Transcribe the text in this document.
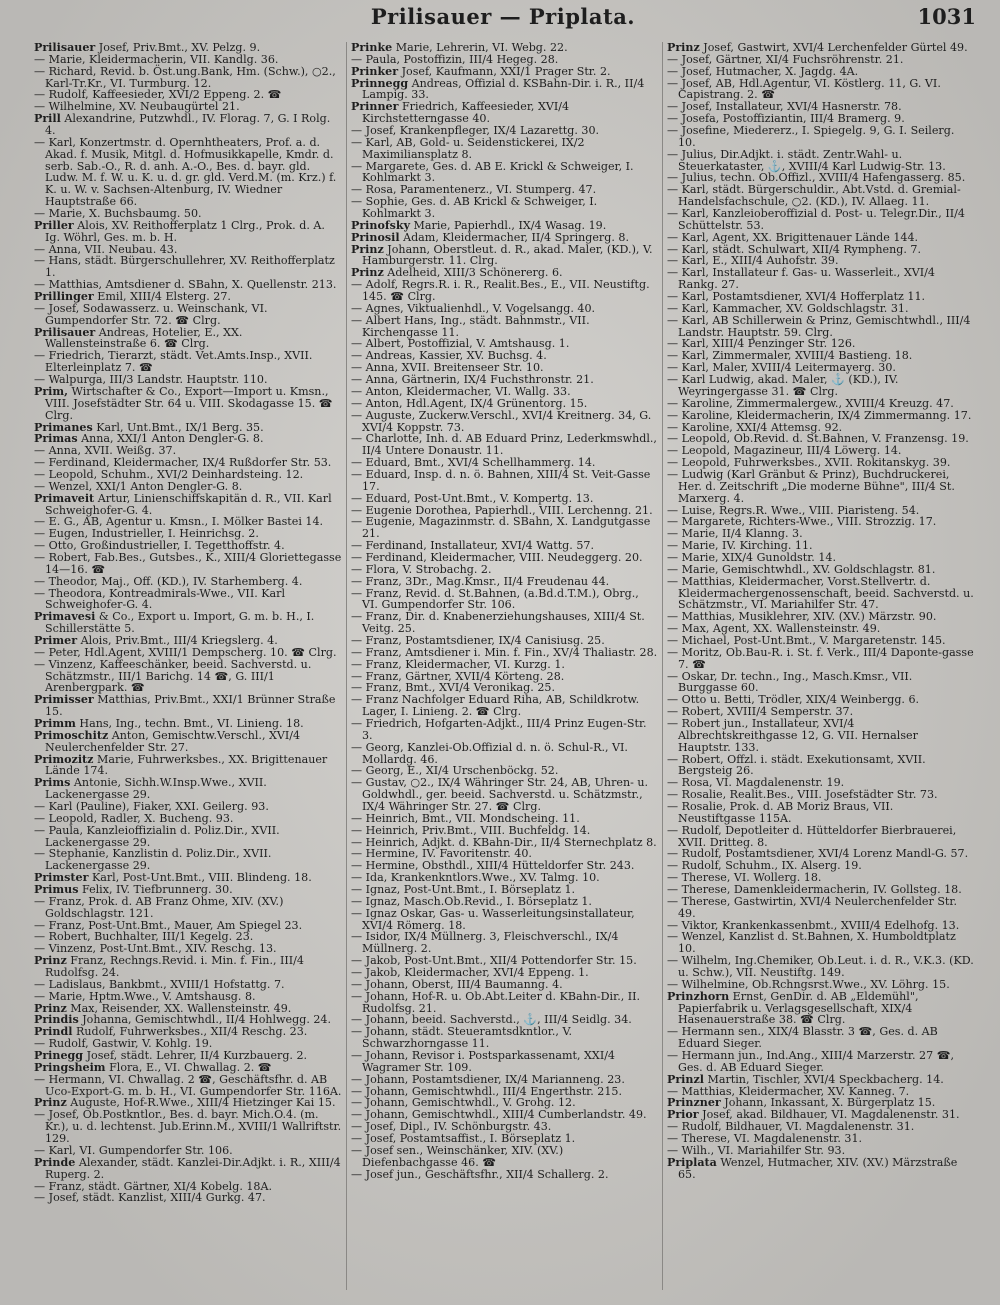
Prilisauer — Priplata.	1031
Prilisauer Josef, Priv.Bmt., XV. Pelzg. 9.
— Marie, Kleidermacherin, VII. Kandlg. 36.
— Richard, Revid. b. Öst.ung.Bank, Hm. (Schw.), ○2., Karl-Tr.Kr., VI. Turmburg. 12.
— Rudolf, Kaffeesieder, XVI/2 Eppeng. 2. ☎
— Wilhelmine, XV. Neubaugürtel 21.
Prill Alexandrine, Putzwhdl., IV. Florag. 7, G. I Rolg. 4.
— Karl, Konzertmstr. d. Opernhtheaters, Prof. a. d. Akad. f. Musik, Mitgl. d. Hofmusikkapelle, Kmdr. d. serb. Sab.-O., R. d. anh. A.-O., Bes. d. bayr. gld. Ludw. M. f. W. u. K. u. d. gr. gld. Verd.M. (m. Krz.) f. K. u. W. v. Sachsen-Altenburg, IV. Wiedner Hauptstraße 66.
— Marie, X. Buchsbaumg. 50.
Priller Alois, XV. Reithofferplatz 1 Clrg., Prok. d. A. Ig. Wöhrl, Ges. m. b. H.
— Anna, VII. Neubau. 43.
— Hans, städt. Bürgerschullehrer, XV. Reithofferplatz 1.
— Matthias, Amtsdiener d. SBahn, X. Quellenstr. 213.
Prillinger Emil, XIII/4 Elsterg. 27.
— Josef, Sodawasserz. u. Weinschank, VI. Gumpendorfer Str. 72. ☎ Clrg.
Prilisauer Andreas, Hotelier, E., XX. Wallensteinstraße 6. ☎ Clrg.
— Friedrich, Tierarzt, städt. Vet.Amts.Insp., XVII. Elterleinplatz 7. ☎
— Walpurga, III/3 Landstr. Hauptstr. 110.
Prim, Wirtschafter & Co., Export—Import u. Kmsn., VIII. Josefstädter Str. 64 u. VIII. Skodagasse 15. ☎ Clrg.
Primanes Karl, Unt.Bmt., IX/1 Berg. 35.
Primas Anna, XXI/1 Anton Dengler-G. 8.
— Anna, XVII. Weißg. 37.
— Ferdinand, Kleidermacher, IX/4 Rußdorfer Str. 53.
— Leopold, Schuhm., XVI/2 Deinhardsteing. 12.
— Wenzel, XXI/1 Anton Dengler-G. 8.
Primaveit Artur, Linienschiffskapitän d. R., VII. Karl Schweighofer-G. 4.
— E. G., AB, Agentur u. Kmsn., I. Mölker Bastei 14.
— Eugen, Industrieller, I. Heinrichsg. 2.
— Otto, Großindustrieller, I. Tegetthoffstr. 4.
— Robert, Fab.Bes., Gutsbes., K., XIII/4 Gloriettegasse 14—16. ☎
— Theodor, Maj., Off. (KD.), IV. Starhemberg. 4.
— Theodora, Kontreadmirals-Wwe., VII. Karl Schweighofer-G. 4.
Primavesi & Co., Export u. Import, G. m. b. H., I. Schillerstätte 5.
Primer Alois, Priv.Bmt., III/4 Kriegslerg. 4.
— Peter, Hdl.Agent, XVIII/1 Dempscherg. 10. ☎ Clrg.
— Vinzenz, Kaffeeschänker, beeid. Sachverstd. u. Schätzmstr., III/1 Barichg. 14 ☎, G. III/1 Arenbergpark. ☎
Primisser Matthias, Priv.Bmt., XXI/1 Brünner Straße 15.
Primm Hans, Ing., techn. Bmt., VI. Linieng. 18.
Primoschitz Anton, Gemischtw.Verschl., XVI/4 Neulerchenfelder Str. 27.
Primozitz Marie, Fuhrwerksbes., XX. Brigittenauer Lände 174.
Prims Antonie, Sichh.W.Insp.Wwe., XVII. Lackenergasse 29.
— Karl (Pauline), Fiaker, XXI. Geilerg. 93.
— Leopold, Radler, X. Bucheng. 93.
— Paula, Kanzleioffizialin d. Poliz.Dir., XVII. Lackenergasse 29.
— Stephanie, Kanzlistin d. Poliz.Dir., XVII. Lackenergasse 29.
Primster Karl, Post-Unt.Bmt., VIII. Blindeng. 18.
Primus Felix, IV. Tiefbrunnerg. 30.
— Franz, Prok. d. AB Franz Ohme, XIV. (XV.) Goldschlagstr. 121.
— Franz, Post-Unt.Bmt., Mauer, Am Spiegel 23.
— Robert, Buchhalter, III/1 Kegelg. 23.
— Vinzenz, Post-Unt.Bmt., XIV. Reschg. 13.
Prinz Franz, Rechngs.Revid. i. Min. f. Fin., III/4 Rudolfsg. 24.
— Ladislaus, Bankbmt., XVIII/1 Hofstattg. 7.
— Marie, Hptm.Wwe., V. Amtshausg. 8.
Prinz Max, Reisender, XX. Wallensteinstr. 49.
Prindis Johanna, Gemischtwhdl., II/4 Hohlwegg. 24.
Prindl Rudolf, Fuhrwerksbes., XII/4 Reschg. 23.
— Rudolf, Gastwir, V. Kohlg. 19.
Prinegg Josef, städt. Lehrer, II/4 Kurzbauerg. 2.
Pringsheim Flora, E., VI. Chwallag. 2. ☎
— Hermann, VI. Chwallag. 2 ☎, Geschäftsfhr. d. AB Uco-Export-G. m. b. H., VI. Gumpendorfer Str. 116A.
Prinz Auguste, Hof-R.Wwe., XIII/4 Hietzinger Kai 15.
— Josef, Ob.Postkntlor., Bes. d. bayr. Mich.O.4. (m. Kr.), u. d. lechtenst. Jub.Erinn.M., XVIII/1 Wallriftstr. 129.
— Karl, VI. Gumpendorfer Str. 106.
Prinde Alexander, städt. Kanzlei-Dir.Adjkt. i. R., XIII/4 Ruperg. 2.
— Franz, städt. Gärtner, XI/4 Kobelg. 18A.
— Josef, städt. Kanzlist, XIII/4 Gurkg. 47.
Prinke Marie, Lehrerin, VI. Webg. 22.
— Paula, Postoffizin, III/4 Hegeg. 28.
Prinker Josef, Kaufmann, XXI/1 Prager Str. 2.
Prinnegg Andreas, Offizial d. KSBahn-Dir. i. R., II/4 Lampig. 33.
Prinner Friedrich, Kaffeesieder, XVI/4 Kirchstetterngasse 40.
— Josef, Krankenpfleger, IX/4 Lazarettg. 30.
— Karl, AB, Gold- u. Seidenstickerei, IX/2 Maximiliansplatz 8.
— Margarete, Ges. d. AB E. Krickl & Schweiger, I. Kohlmarkt 3.
— Rosa, Paramentenerz., VI. Stumperg. 47.
— Sophie, Ges. d. AB Krickl & Schweiger, I. Kohlmarkt 3.
Prinofsky Marie, Papierhdl., IX/4 Wasag. 19.
Prinosil Adam, Kleidermacher, II/4 Springerg. 8.
Prinz Johann, Oberstleut. d. R., akad. Maler, (KD.), V. Hamburgerstr. 11. Clrg.
Prinz Adelheid, XIII/3 Schönererg. 6.
— Adolf, Regrs.R. i. R., Realit.Bes., E., VII. Neustiftg. 145. ☎ Clrg.
— Agnes, Viktualienhdl., V. Vogelsangg. 40.
— Albert Hans, Ing., städt. Bahnmstr., VII. Kirchengasse 11.
— Albert, Postoffizial, V. Amtshausg. 1.
— Andreas, Kassier, XV. Buchsg. 4.
— Anna, XVII. Breitenseer Str. 10.
— Anna, Gärtnerin, IX/4 Fuchsthronstr. 21.
— Anton, Kleidermacher, VI. Wallg. 33.
— Anton, Hdl.Agent, IX/4 Grünentorg. 15.
— Auguste, Zuckerw.Verschl., XVI/4 Kreitnerg. 34, G. XVI/4 Koppstr. 73.
— Charlotte, Inh. d. AB Eduard Prinz, Lederkmswhdl., II/4 Untere Donaustr. 11.
— Eduard, Bmt., XVI/4 Schellhammerg. 14.
— Eduard, Insp. d. n. ö. Bahnen, XIII/4 St. Veit-Gasse 17.
— Eduard, Post-Unt.Bmt., V. Kompertg. 13.
— Eugenie Dorothea, Papierhdl., VIII. Lerchenng. 21.
— Eugenie, Magazinmstr. d. SBahn, X. Landgutgasse 21.
— Ferdinand, Installateur, XVI/4 Wattg. 57.
— Ferdinand, Kleidermacher, VIII. Neudeggerg. 20.
— Flora, V. Strobachg. 2.
— Franz, 3Dr., Mag.Kmsr., II/4 Freudenau 44.
— Franz, Revid. d. St.Bahnen, (a.Bd.d.T.M.), Obrg., VI. Gumpendorfer Str. 106.
— Franz, Dir. d. Knabenerziehungshauses, XIII/4 St. Veitg. 25.
— Franz, Postamtsdiener, IX/4 Canisiusg. 25.
— Franz, Amtsdiener i. Min. f. Fin., XV/4 Thaliastr. 28.
— Franz, Kleidermacher, VI. Kurzg. 1.
— Franz, Gärtner, XVII/4 Körteng. 28.
— Franz, Bmt., XVI/4 Veronikag. 25.
— Franz Nachfolger Eduard Riha, AB, Schildkrotw. Lager, I. Linieng. 2. ☎ Clrg.
— Friedrich, Hofgarten-Adjkt., III/4 Prinz Eugen-Str. 3.
— Georg, Kanzlei-Ob.Offizial d. n. ö. Schul-R., VI. Mollardg. 46.
— Georg, E., XI/4 Urschenböckg. 52.
— Gustav, ○2., IX/4 Währinger Str. 24, AB, Uhren- u. Goldwhdl., ger. beeid. Sachverstd. u. Schätzmstr., IX/4 Währinger Str. 27. ☎ Clrg.
— Heinrich, Bmt., VII. Mondscheing. 11.
— Heinrich, Priv.Bmt., VIII. Buchfeldg. 14.
— Heinrich, Adjkt. d. KBahn-Dir., II/4 Sternechplatz 8.
— Hermine, IV. Favoritenstr. 40.
— Hermine, Obsthdl., XIII/4 Hütteldorfer Str. 243.
— Ida, Krankenkntlors.Wwe., XV. Talmg. 10.
— Ignaz, Post-Unt.Bmt., I. Börseplatz 1.
— Ignaz, Masch.Ob.Revid., I. Börseplatz 1.
— Ignaz Oskar, Gas- u. Wasserleitungsinstallateur, XVI/4 Römerg. 18.
— Isidor, IX/4 Müllnerg. 3, Fleischverschl., IX/4 Müllnerg. 2.
— Jakob, Post-Unt.Bmt., XII/4 Pottendorfer Str. 15.
— Jakob, Kleidermacher, XVI/4 Eppeng. 1.
— Johann, Oberst, III/4 Baumanng. 4.
— Johann, Hof-R. u. Ob.Abt.Leiter d. KBahn-Dir., II. Rudolfsg. 21.
— Johann, beeid. Sachverstd., ⚓, III/4 Seidlg. 34.
— Johann, städt. Steueramtsdkntlor., V. Schwarzhorngasse 11.
— Johann, Revisor i. Postsparkassenamt, XXI/4 Wagramer Str. 109.
— Johann, Postamtsdiener, IX/4 Marianneng. 23.
— Johann, Gemischtwhdl., III/4 Engerthstr. 215.
— Johann, Gemischtwhdl., V. Grohg. 12.
— Johann, Gemischtwhdl., XIII/4 Cumberlandstr. 49.
— Josef, Dipl., IV. Schönburgstr. 43.
— Josef, Postamtsaffist., I. Börseplatz 1.
— Josef sen., Weinschänker, XIV. (XV.) Diefenbachgasse 46. ☎
— Josef jun., Geschäftsfhr., XII/4 Schallerg. 2.
Prinz Josef, Gastwirt, XVI/4 Lerchenfelder Gürtel 49.
— Josef, Gärtner, XI/4 Fuchsröhrenstr. 21.
— Josef, Hutmacher, X. Jagdg. 4A.
— Josef, AB, Hdl.Agentur, VI. Köstlerg. 11, G. VI. Capistrang. 2. ☎
— Josef, Installateur, XVI/4 Hasnerstr. 78.
— Josefa, Postoffiziantin, III/4 Bramerg. 9.
— Josefine, Miedererz., I. Spiegelg. 9, G. I. Seilerg. 10.
— Julius, Dir.Adjkt. i. städt. Zentr.Wahl- u. Steuerkataster, ⚓, XVIII/4 Karl Ludwig-Str. 13.
— Julius, techn. Ob.Offizl., XVIII/4 Hafengasserg. 85.
— Karl, städt. Bürgerschuldir., Abt.Vstd. d. Gremial-Handelsfachschule, ○2. (KD.), IV. Allaeg. 11.
— Karl, Kanzleioberoffizial d. Post- u. Telegr.Dir., II/4 Schüttelstr. 53.
— Karl, Agent, XX. Brigittenauer Lände 144.
— Karl, städt. Schulwart, XII/4 Rympheng. 7.
— Karl, E., XIII/4 Auhofstr. 39.
— Karl, Installateur f. Gas- u. Wasserleit., XVI/4 Rankg. 27.
— Karl, Postamtsdiener, XVI/4 Hofferplatz 11.
— Karl, Kammacher, XV. Goldschlagstr. 31.
— Karl, AB Schillerwein & Prinz, Gemischtwhdl., III/4 Landstr. Hauptstr. 59. Clrg.
— Karl, XIII/4 Penzinger Str. 126.
— Karl, Zimmermaler, XVIII/4 Bastieng. 18.
— Karl, Maler, XVIII/4 Leitermayerg. 30.
— Karl Ludwig, akad. Maler, ⚓ (KD.), IV. Weyringergasse 31. ☎ Clrg.
— Karoline, Zimmermalergew., XVIII/4 Kreuzg. 47.
— Karoline, Kleidermacherin, IX/4 Zimmermanng. 17.
— Karoline, XXI/4 Attemsg. 92.
— Leopold, Ob.Revid. d. St.Bahnen, V. Franzensg. 19.
— Leopold, Magazineur, III/4 Löwerg. 14.
— Leopold, Fuhrwerksbes., XVII. Rokitanskyg. 39.
— Ludwig (Karl Gränbut & Prinz), Buchdruckerei, Her. d. Zeitschrift „Die moderne Bühne", III/4 St. Marxerg. 4.
— Luise, Regrs.R. Wwe., VIII. Piaristeng. 54.
— Margarete, Richters-Wwe., VIII. Strozzig. 17.
— Marie, II/4 Klanng. 3.
— Marie, IV. Kirching. 11.
— Marie, XIX/4 Gunoldstr. 14.
— Marie, Gemischtwhdl., XV. Goldschlagstr. 81.
— Matthias, Kleidermacher, Vorst.Stellvertr. d. Kleidermachergenossenschaft, beeid. Sachverstd. u. Schätzmstr., VI. Mariahilfer Str. 47.
— Matthias, Musiklehrer, XIV. (XV.) Märzstr. 90.
— Max, Agent, XX. Wallensteinstr. 49.
— Michael, Post-Unt.Bmt., V. Margaretenstr. 145.
— Moritz, Ob.Bau-R. i. St. f. Verk., III/4 Daponte-gasse 7. ☎
— Oskar, Dr. techn., Ing., Masch.Kmsr., VII. Burggasse 60.
— Otto u. Betti, Trödler, XIX/4 Weinbergg. 6.
— Robert, XVIII/4 Semperstr. 37.
— Robert jun., Installateur, XVI/4 Albrechtskreithgasse 12, G. VII. Hernalser Hauptstr. 133.
— Robert, Offzl. i. städt. Exekutionsamt, XVII. Bergsteig 26.
— Rosa, VI. Magdalenenstr. 19.
— Rosalie, Realit.Bes., VIII. Josefstädter Str. 73.
— Rosalie, Prok. d. AB Moriz Braus, VII. Neustiftgasse 115A.
— Rudolf, Depotleiter d. Hütteldorfer Bierbrauerei, XVII. Dritteg. 8.
— Rudolf, Postamtsdiener, XVI/4 Lorenz Mandl-G. 57.
— Rudolf, Schuhm., IX. Alserg. 19.
— Therese, VI. Wollerg. 18.
— Therese, Damenkleidermacherin, IV. Gollsteg. 18.
— Therese, Gastwirtin, XVI/4 Neulerchenfelder Str. 49.
— Viktor, Krankenkassenbmt., XVIII/4 Edelhofg. 13.
— Wenzel, Kanzlist d. St.Bahnen, X. Humboldtplatz 10.
— Wilhelm, Ing.Chemiker, Ob.Leut. i. d. R., V.K.3. (KD. u. Schw.), VII. Neustiftg. 149.
— Wilhelmine, Ob.Rchngsrst.Wwe., XV. Löhrg. 15.
Prinzhorn Ernst, GenDir. d. AB „Eldemühl", Papierfabrik u. Verlagsgesellschaft, XIX/4 Hasenauerstraße 38. ☎ Clrg.
— Hermann sen., XIX/4 Blasstr. 3 ☎, Ges. d. AB Eduard Sieger.
— Hermann jun., Ind.Ang., XIII/4 Marzerstr. 27 ☎, Ges. d. AB Eduard Sieger.
Prinzl Martin, Tischler, XVI/4 Speckbacherg. 14.
— Matthias, Kleidermacher, XV. Kanneg. 7.
Prinzner Johann, Inkassant, X. Bürgerplatz 15.
Prior Josef, akad. Bildhauer, VI. Magdalenenstr. 31.
— Rudolf, Bildhauer, VI. Magdalenenstr. 31.
— Therese, VI. Magdalenenstr. 31.
— Wilh., VI. Mariahilfer Str. 93.
Priplata Wenzel, Hutmacher, XIV. (XV.) Märzstraße 65.
